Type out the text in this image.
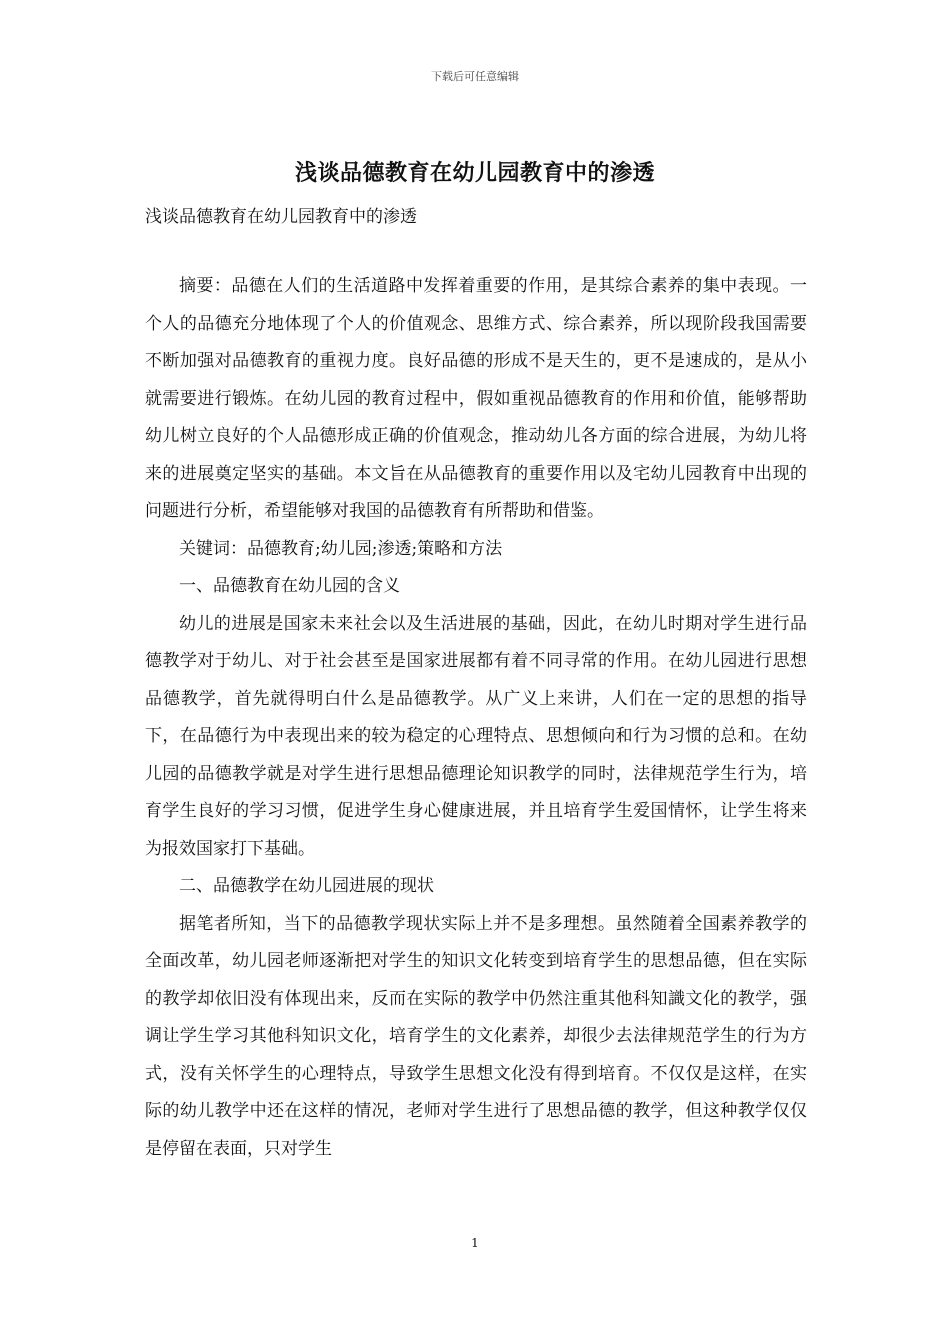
下载后可任意编辑
浅谈品德教育在幼儿园教育中的渗透
浅谈品德教育在幼儿园教育中的渗透

摘要：品德在人们的生活道路中发挥着重要的作用，是其综合素养的集中表现。一个人的品德充分地体现了个人的价值观念、思维方式、综合素养，所以现阶段我国需要不断加强对品德教育的重视力度。良好品德的形成不是天生的，更不是速成的，是从小就需要进行锻炼。在幼儿园的教育过程中，假如重视品德教育的作用和价值，能够帮助幼儿树立良好的个人品德形成正确的价值观念，推动幼儿各方面的综合进展，为幼儿将来的进展奠定坚实的基础。本文旨在从品德教育的重要作用以及宅幼儿园教育中出现的问题进行分析，希望能够对我国的品德教育有所帮助和借鉴。

关键词：品德教育;幼儿园;渗透;策略和方法

一、品德教育在幼儿园的含义

幼儿的进展是国家未来社会以及生活进展的基础，因此，在幼儿时期对学生进行品德教学对于幼儿、对于社会甚至是国家进展都有着不同寻常的作用。在幼儿园进行思想品德教学，首先就得明白什么是品德教学。从广义上来讲，人们在一定的思想的指导下，在品德行为中表现出来的较为稳定的心理特点、思想倾向和行为习惯的总和。在幼儿园的品德教学就是对学生进行思想品德理论知识教学的同时，法律规范学生行为，培育学生良好的学习习惯，促进学生身心健康进展，并且培育学生爱国情怀，让学生将来为报效国家打下基础。

二、品德教学在幼儿园进展的现状

据笔者所知，当下的品德教学现状实际上并不是多理想。虽然随着全国素养教学的全面改革，幼儿园老师逐渐把对学生的知识文化转变到培育学生的思想品德，但在实际的教学却依旧没有体现出来，反而在实际的教学中仍然注重其他科知識文化的教学，强调让学生学习其他科知识文化，培育学生的文化素养，却很少去法律规范学生的行为方式，没有关怀学生的心理特点，导致学生思想文化没有得到培育。不仅仅是这样，在实际的幼儿教学中还在这样的情况，老师对学生进行了思想品德的教学，但这种教学仅仅是停留在表面，只对学生

1
